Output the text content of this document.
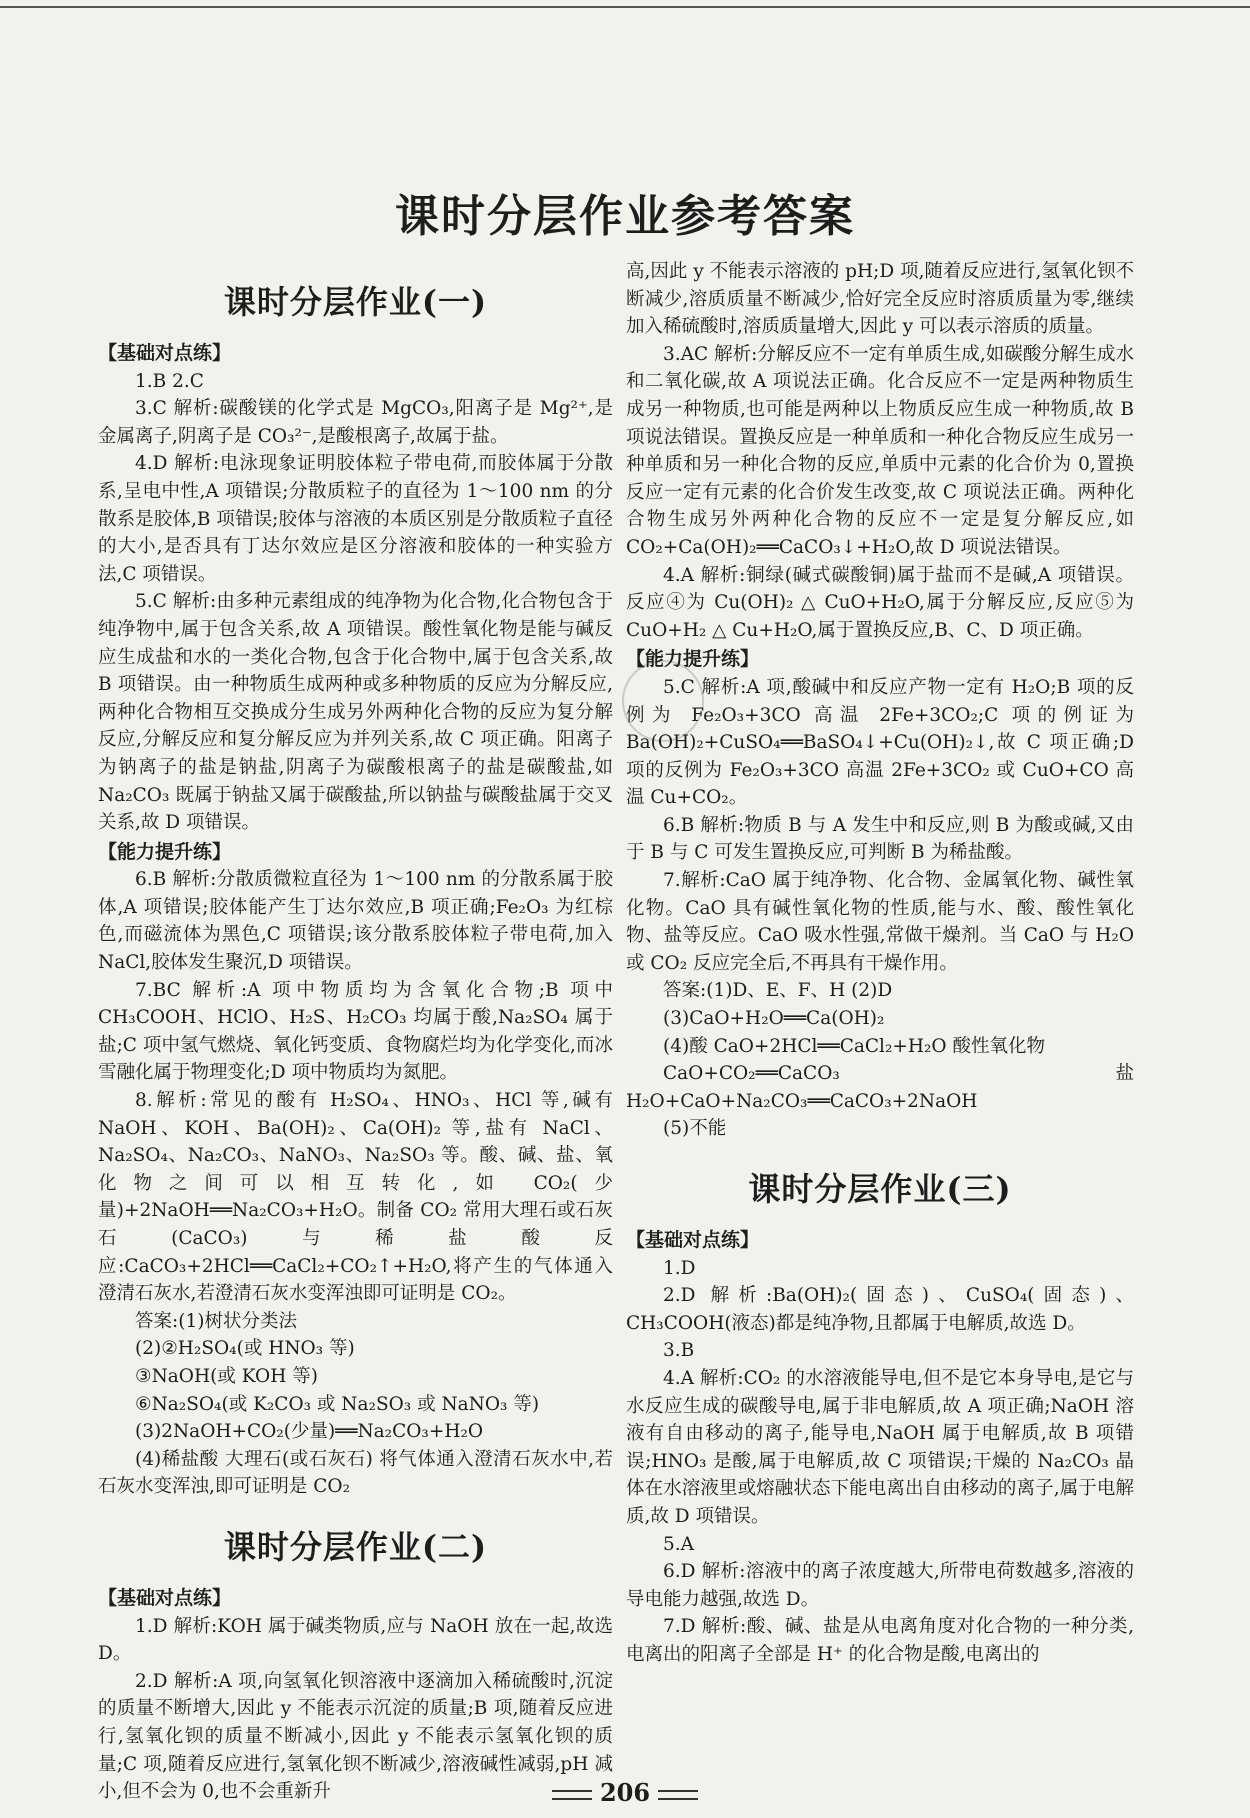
课时分层作业参考答案
课时分层作业(一)
【基础对点练】
1.B 2.C
3.C 解析:碳酸镁的化学式是 MgCO₃,阳离子是 Mg²⁺,是金属离子,阴离子是 CO₃²⁻,是酸根离子,故属于盐。
4.D 解析:电泳现象证明胶体粒子带电荷,而胶体属于分散系,呈电中性,A 项错误;分散质粒子的直径为 1～100 nm 的分散系是胶体,B 项错误;胶体与溶液的本质区别是分散质粒子直径的大小,是否具有丁达尔效应是区分溶液和胶体的一种实验方法,C 项错误。
5.C 解析:由多种元素组成的纯净物为化合物,化合物包含于纯净物中,属于包含关系,故 A 项错误。酸性氧化物是能与碱反应生成盐和水的一类化合物,包含于化合物中,属于包含关系,故 B 项错误。由一种物质生成两种或多种物质的反应为分解反应,两种化合物相互交换成分生成另外两种化合物的反应为复分解反应,分解反应和复分解反应为并列关系,故 C 项正确。阳离子为钠离子的盐是钠盐,阴离子为碳酸根离子的盐是碳酸盐,如 Na₂CO₃ 既属于钠盐又属于碳酸盐,所以钠盐与碳酸盐属于交叉关系,故 D 项错误。
【能力提升练】
6.B 解析:分散质微粒直径为 1～100 nm 的分散系属于胶体,A 项错误;胶体能产生丁达尔效应,B 项正确;Fe₂O₃ 为红棕色,而磁流体为黑色,C 项错误;该分散系胶体粒子带电荷,加入 NaCl,胶体发生聚沉,D 项错误。
7.BC 解析:A 项中物质均为含氧化合物;B 项中 CH₃COOH、HClO、H₂S、H₂CO₃ 均属于酸,Na₂SO₄ 属于盐;C 项中氢气燃烧、氧化钙变质、食物腐烂均为化学变化,而冰雪融化属于物理变化;D 项中物质均为氮肥。
8.解析:常见的酸有 H₂SO₄、HNO₃、HCl 等,碱有 NaOH、KOH、Ba(OH)₂、Ca(OH)₂ 等,盐有 NaCl、Na₂SO₄、Na₂CO₃、NaNO₃、Na₂SO₃ 等。酸、碱、盐、氧化物之间可以相互转化,如 CO₂(少量)+2NaOH══Na₂CO₃+H₂O。制备 CO₂ 常用大理石或石灰石(CaCO₃)与稀盐酸反应:CaCO₃+2HCl══CaCl₂+CO₂↑+H₂O,将产生的气体通入澄清石灰水,若澄清石灰水变浑浊即可证明是 CO₂。
答案:(1)树状分类法
(2)②H₂SO₄(或 HNO₃ 等)
③NaOH(或 KOH 等)
⑥Na₂SO₄(或 K₂CO₃ 或 Na₂SO₃ 或 NaNO₃ 等)
(3)2NaOH+CO₂(少量)══Na₂CO₃+H₂O
(4)稀盐酸 大理石(或石灰石) 将气体通入澄清石灰水中,若石灰水变浑浊,即可证明是 CO₂
课时分层作业(二)
【基础对点练】
1.D 解析:KOH 属于碱类物质,应与 NaOH 放在一起,故选 D。
2.D 解析:A 项,向氢氧化钡溶液中逐滴加入稀硫酸时,沉淀的质量不断增大,因此 y 不能表示沉淀的质量;B 项,随着反应进行,氢氧化钡的质量不断减小,因此 y 不能表示氢氧化钡的质量;C 项,随着反应进行,氢氧化钡不断减少,溶液碱性减弱,pH 减小,但不会为 0,也不会重新升
高,因此 y 不能表示溶液的 pH;D 项,随着反应进行,氢氧化钡不断减少,溶质质量不断减少,恰好完全反应时溶质质量为零,继续加入稀硫酸时,溶质质量增大,因此 y 可以表示溶质的质量。
3.AC 解析:分解反应不一定有单质生成,如碳酸分解生成水和二氧化碳,故 A 项说法正确。化合反应不一定是两种物质生成另一种物质,也可能是两种以上物质反应生成一种物质,故 B 项说法错误。置换反应是一种单质和一种化合物反应生成另一种单质和另一种化合物的反应,单质中元素的化合价为 0,置换反应一定有元素的化合价发生改变,故 C 项说法正确。两种化合物生成另外两种化合物的反应不一定是复分解反应,如 CO₂+Ca(OH)₂══CaCO₃↓+H₂O,故 D 项说法错误。
4.A 解析:铜绿(碱式碳酸铜)属于盐而不是碱,A 项错误。反应④为 Cu(OH)₂ △ CuO+H₂O,属于分解反应,反应⑤为 CuO+H₂ △ Cu+H₂O,属于置换反应,B、C、D 项正确。
【能力提升练】
5.C 解析:A 项,酸碱中和反应产物一定有 H₂O;B 项的反例为 Fe₂O₃+3CO 高温 2Fe+3CO₂;C 项的例证为 Ba(OH)₂+CuSO₄══BaSO₄↓+Cu(OH)₂↓,故 C 项正确;D 项的反例为 Fe₂O₃+3CO 高温 2Fe+3CO₂ 或 CuO+CO 高温 Cu+CO₂。
6.B 解析:物质 B 与 A 发生中和反应,则 B 为酸或碱,又由于 B 与 C 可发生置换反应,可判断 B 为稀盐酸。
7.解析:CaO 属于纯净物、化合物、金属氧化物、碱性氧化物。CaO 具有碱性氧化物的性质,能与水、酸、酸性氧化物、盐等反应。CaO 吸水性强,常做干燥剂。当 CaO 与 H₂O 或 CO₂ 反应完全后,不再具有干燥作用。
答案:(1)D、E、F、H (2)D
(3)CaO+H₂O══Ca(OH)₂
(4)酸 CaO+2HCl══CaCl₂+H₂O 酸性氧化物
CaO+CO₂══CaCO₃ 盐 H₂O+CaO+Na₂CO₃══CaCO₃+2NaOH
(5)不能
课时分层作业(三)
【基础对点练】
1.D
2.D 解析:Ba(OH)₂(固态)、CuSO₄(固态)、CH₃COOH(液态)都是纯净物,且都属于电解质,故选 D。
3.B
4.A 解析:CO₂ 的水溶液能导电,但不是它本身导电,是它与水反应生成的碳酸导电,属于非电解质,故 A 项正确;NaOH 溶液有自由移动的离子,能导电,NaOH 属于电解质,故 B 项错误;HNO₃ 是酸,属于电解质,故 C 项错误;干燥的 Na₂CO₃ 晶体在水溶液里或熔融状态下能电离出自由移动的离子,属于电解质,故 D 项错误。
5.A
6.D 解析:溶液中的离子浓度越大,所带电荷数越多,溶液的导电能力越强,故选 D。
7.D 解析:酸、碱、盐是从电离角度对化合物的一种分类,电离出的阳离子全部是 H⁺ 的化合物是酸,电离出的
206
